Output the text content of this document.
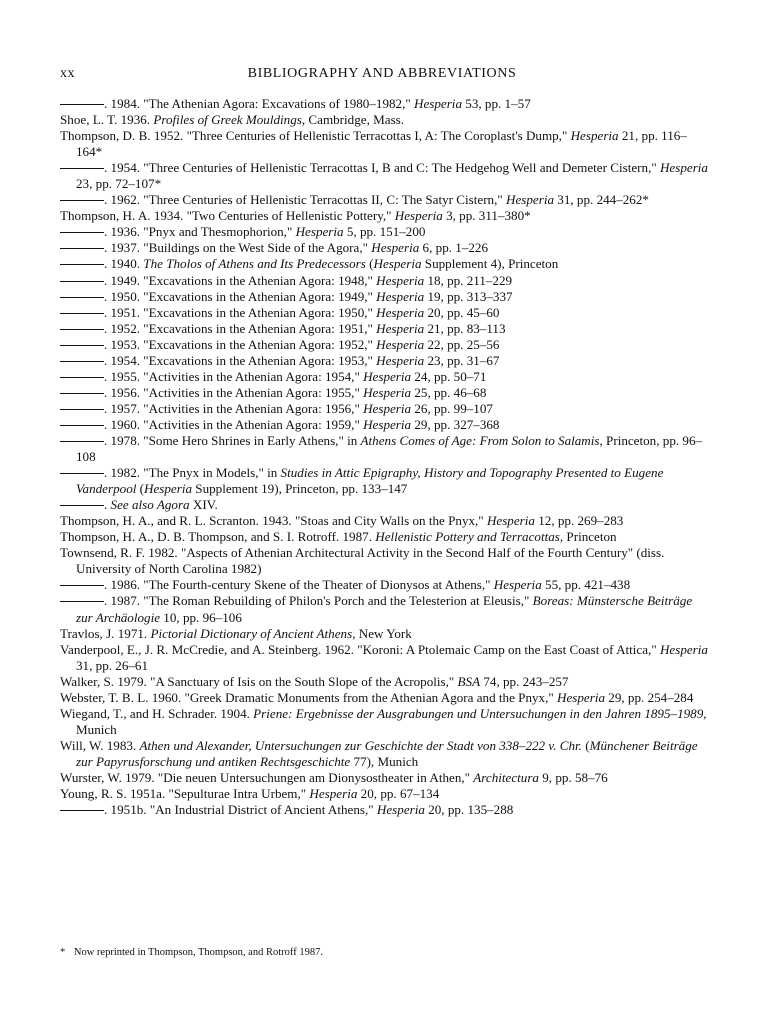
xx	BIBLIOGRAPHY AND ABBREVIATIONS
. 1984. "The Athenian Agora: Excavations of 1980–1982," Hesperia 53, pp. 1–57
Shoe, L. T. 1936. Profiles of Greek Mouldings, Cambridge, Mass.
Thompson, D. B. 1952. "Three Centuries of Hellenistic Terracottas I, A: The Coroplast's Dump," Hesperia 21, pp. 116–164*
. 1954. "Three Centuries of Hellenistic Terracottas I, B and C: The Hedgehog Well and Demeter Cistern," Hesperia 23, pp. 72–107*
. 1962. "Three Centuries of Hellenistic Terracottas II, C: The Satyr Cistern," Hesperia 31, pp. 244–262*
Thompson, H. A. 1934. "Two Centuries of Hellenistic Pottery," Hesperia 3, pp. 311–380*
. 1936. "Pnyx and Thesmophorion," Hesperia 5, pp. 151–200
. 1937. "Buildings on the West Side of the Agora," Hesperia 6, pp. 1–226
. 1940. The Tholos of Athens and Its Predecessors (Hesperia Supplement 4), Princeton
. 1949. "Excavations in the Athenian Agora: 1948," Hesperia 18, pp. 211–229
. 1950. "Excavations in the Athenian Agora: 1949," Hesperia 19, pp. 313–337
. 1951. "Excavations in the Athenian Agora: 1950," Hesperia 20, pp. 45–60
. 1952. "Excavations in the Athenian Agora: 1951," Hesperia 21, pp. 83–113
. 1953. "Excavations in the Athenian Agora: 1952," Hesperia 22, pp. 25–56
. 1954. "Excavations in the Athenian Agora: 1953," Hesperia 23, pp. 31–67
. 1955. "Activities in the Athenian Agora: 1954," Hesperia 24, pp. 50–71
. 1956. "Activities in the Athenian Agora: 1955," Hesperia 25, pp. 46–68
. 1957. "Activities in the Athenian Agora: 1956," Hesperia 26, pp. 99–107
. 1960. "Activities in the Athenian Agora: 1959," Hesperia 29, pp. 327–368
. 1978. "Some Hero Shrines in Early Athens," in Athens Comes of Age: From Solon to Salamis, Princeton, pp. 96–108
. 1982. "The Pnyx in Models," in Studies in Attic Epigraphy, History and Topography Presented to Eugene Vanderpool (Hesperia Supplement 19), Princeton, pp. 133–147
. See also Agora XIV.
Thompson, H. A., and R. L. Scranton. 1943. "Stoas and City Walls on the Pnyx," Hesperia 12, pp. 269–283
Thompson, H. A., D. B. Thompson, and S. I. Rotroff. 1987. Hellenistic Pottery and Terracottas, Princeton
Townsend, R. F. 1982. "Aspects of Athenian Architectural Activity in the Second Half of the Fourth Century" (diss. University of North Carolina 1982)
. 1986. "The Fourth-century Skene of the Theater of Dionysos at Athens," Hesperia 55, pp. 421–438
. 1987. "The Roman Rebuilding of Philon's Porch and the Telesterion at Eleusis," Boreas: Münstersche Beiträge zur Archäologie 10, pp. 96–106
Travlos, J. 1971. Pictorial Dictionary of Ancient Athens, New York
Vanderpool, E., J. R. McCredie, and A. Steinberg. 1962. "Koroni: A Ptolemaic Camp on the East Coast of Attica," Hesperia 31, pp. 26–61
Walker, S. 1979. "A Sanctuary of Isis on the South Slope of the Acropolis," BSA 74, pp. 243–257
Webster, T. B. L. 1960. "Greek Dramatic Monuments from the Athenian Agora and the Pnyx," Hesperia 29, pp. 254–284
Wiegand, T., and H. Schrader. 1904. Priene: Ergebnisse der Ausgrabungen und Untersuchungen in den Jahren 1895–1989, Munich
Will, W. 1983. Athen und Alexander, Untersuchungen zur Geschichte der Stadt von 338–222 v. Chr. (Münchener Beiträge zur Papyrusforschung und antiken Rechtsgeschichte 77), Munich
Wurster, W. 1979. "Die neuen Untersuchungen am Dionysostheater in Athen," Architectura 9, pp. 58–76
Young, R. S. 1951a. "Sepulturae Intra Urbem," Hesperia 20, pp. 67–134
. 1951b. "An Industrial District of Ancient Athens," Hesperia 20, pp. 135–288
* Now reprinted in Thompson, Thompson, and Rotroff 1987.
